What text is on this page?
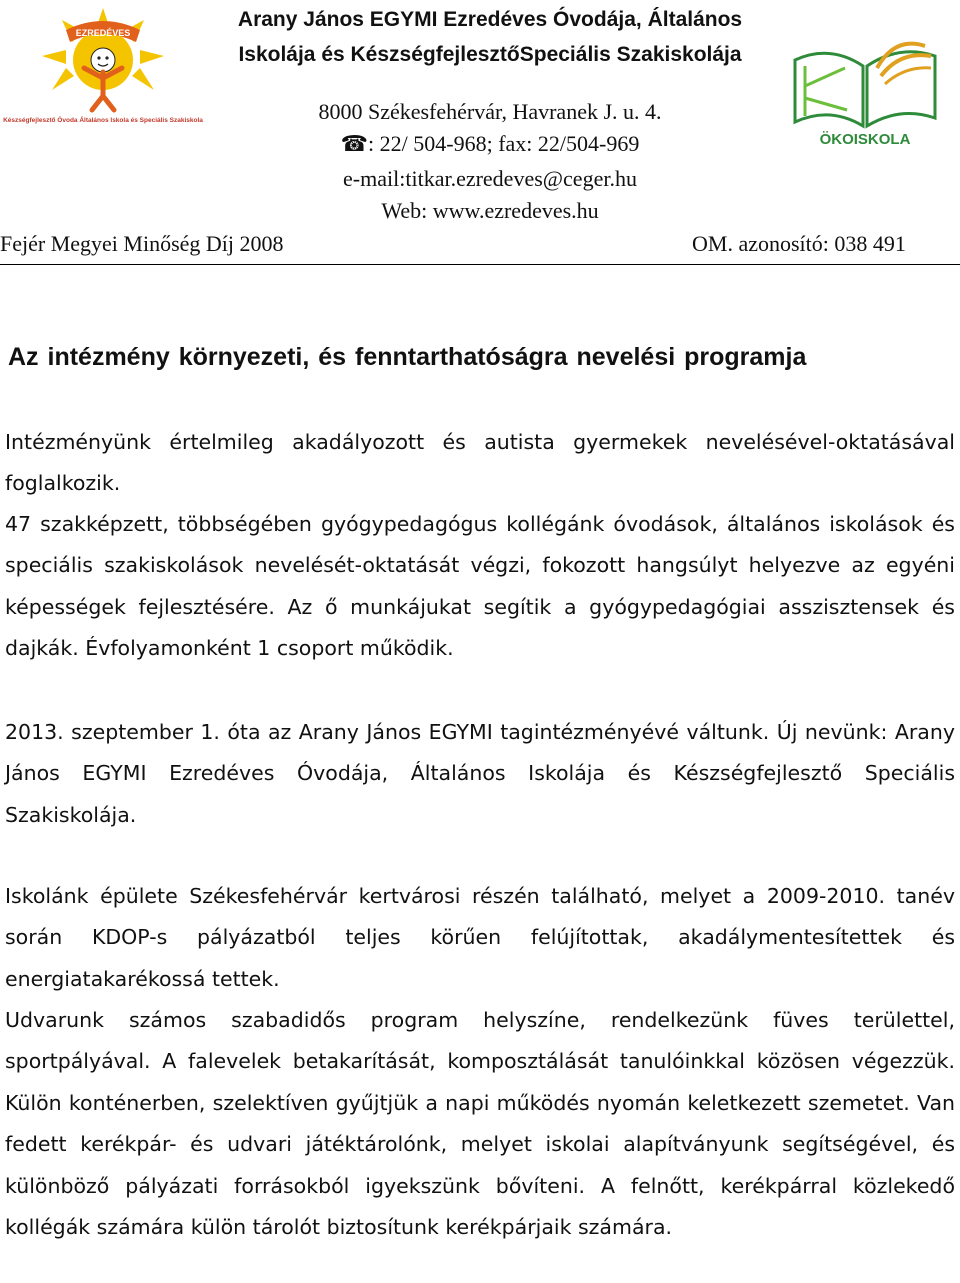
EZREDÉVES
Készségfejlesztő Óvoda Általános Iskola és Speciális Szakiskola
ÖKOISKOLA
Arany János EGYMI Ezredéves Óvodája, Általános
Iskolája és KészségfejlesztőSpeciális Szakiskolája
8000 Székesfehérvár, Havranek J. u. 4.
☎: 22/ 504-968; fax: 22/504-969
e-mail:titkar.ezredeves@ceger.hu
Web: www.ezredeves.hu
Fejér Megyei Minőség Díj 2008	OM. azonosító: 038 491
Az intézmény környezeti, és fenntarthatóságra nevelési programja
Intézményünk értelmileg akadályozott és autista gyermekek nevelésével-oktatásával foglalkozik.
47 szakképzett, többségében gyógypedagógus kollégánk óvodások, általános iskolások és speciális szakiskolások nevelését-oktatását végzi, fokozott hangsúlyt helyezve az egyéni képességek fejlesztésére. Az ő munkájukat segítik a gyógypedagógiai asszisztensek és dajkák. Évfolyamonként 1 csoport működik.
2013. szeptember 1. óta az Arany János EGYMI tagintézményévé váltunk. Új nevünk: Arany János EGYMI Ezredéves Óvodája, Általános Iskolája és Készségfejlesztő Speciális Szakiskolája.
Iskolánk épülete Székesfehérvár kertvárosi részén található, melyet a 2009-2010. tanév során KDOP-s pályázatból teljes körűen felújítottak, akadálymentesítettek és energiatakarékossá tettek.
Udvarunk számos szabadidős program helyszíne, rendelkezünk füves területtel, sportpályával. A falevelek betakarítását, komposztálását tanulóinkkal közösen végezzük. Külön konténerben, szelektíven gyűjtjük a napi működés nyomán keletkezett szemetet. Van fedett kerékpár- és udvari játéktárolónk, melyet iskolai alapítványunk segítségével, és különböző pályázati forrásokból igyekszünk bővíteni. A felnőtt, kerékpárral közlekedő kollégák számára külön tárolót biztosítunk kerékpárjaik számára.
